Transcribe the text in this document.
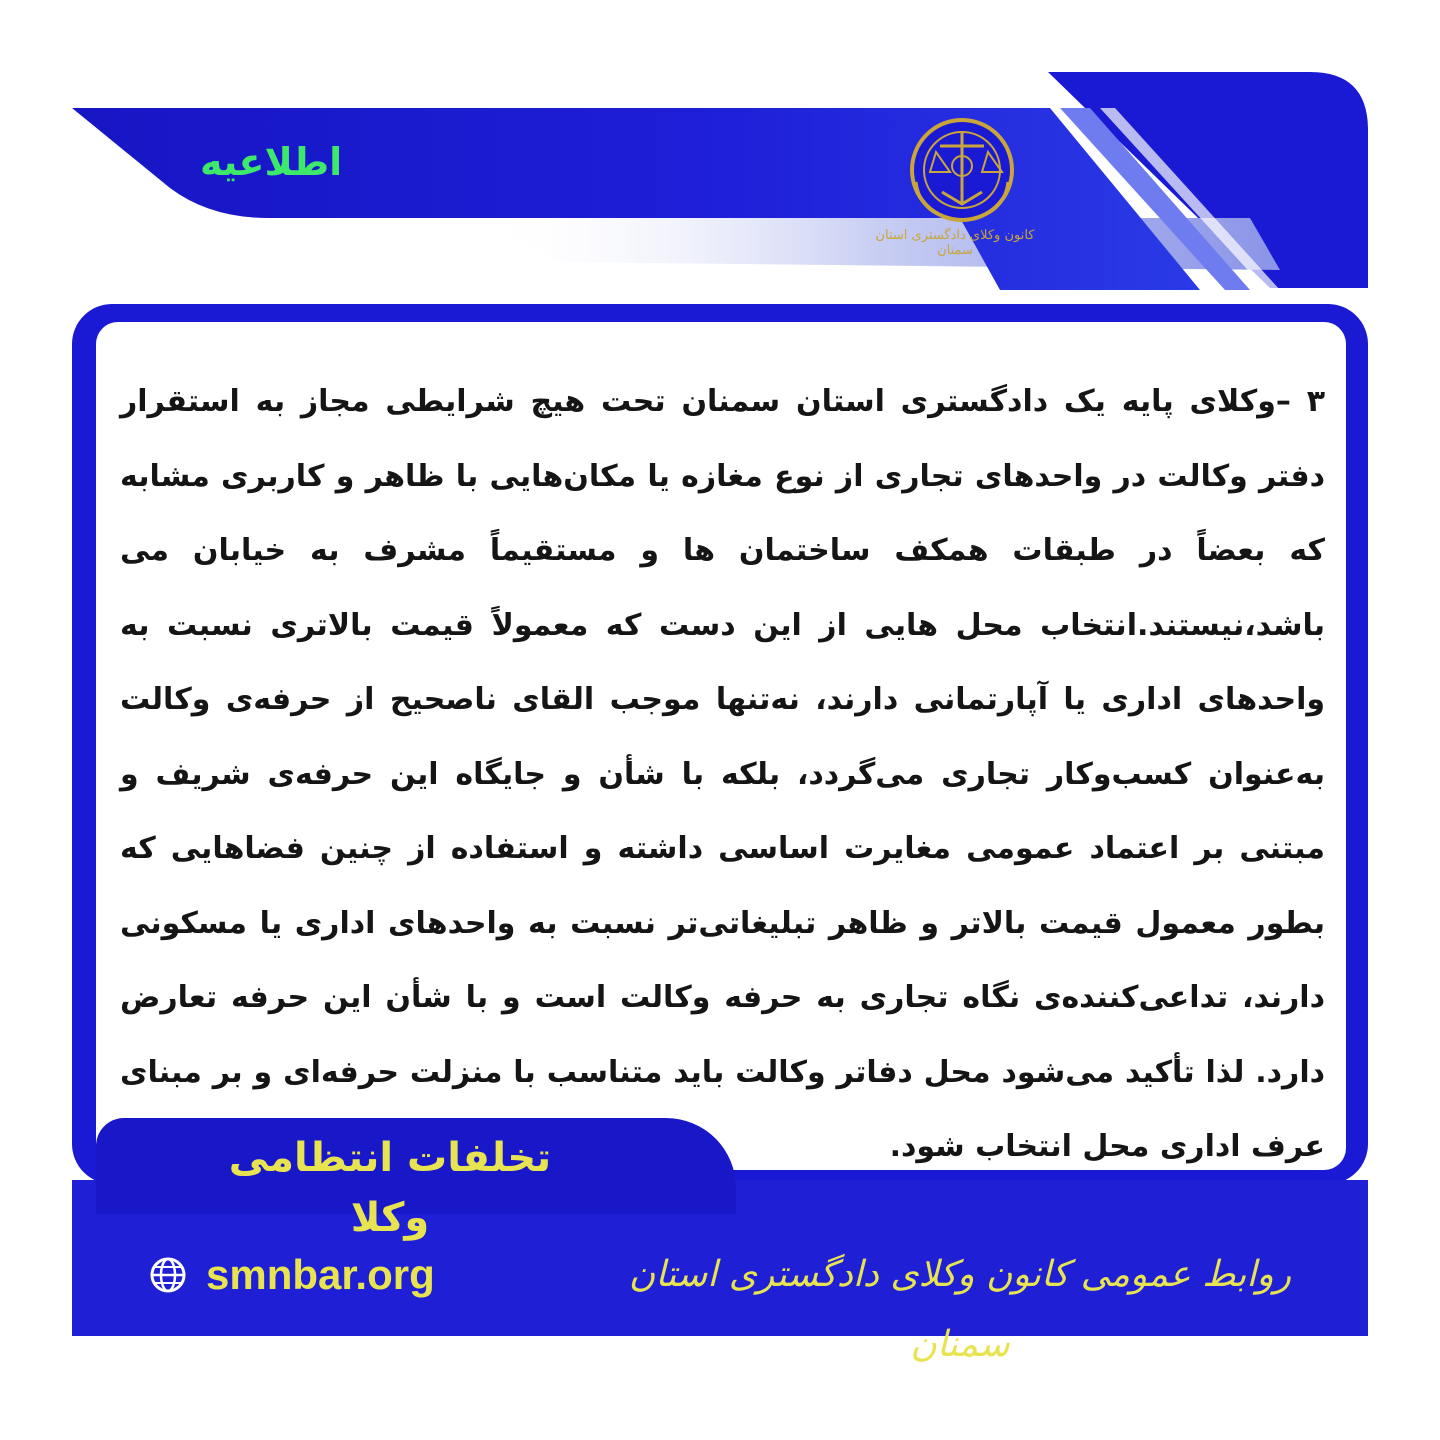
اطلاعیه
کانون وکلای دادگستری استان سمنان
۳ –وکلای پایه یک دادگستری استان سمنان تحت هیچ شرایطی مجاز به استقرار دفتر وکالت در واحدهای تجاری از نوع مغازه یا مکان‌هایی با ظاهر و کاربری مشابه که بعضاً در طبقات همکف ساختمان ها و مستقیماً مشرف به خیابان می باشد،نیستند.انتخاب محل هایی از این دست که معمولاً قیمت بالاتری نسبت به واحدهای اداری یا آپارتمانی دارند، نه‌تنها موجب القای ناصحیح از حرفه‌ی وکالت به‌عنوان کسب‌وکار تجاری می‌گردد، بلکه با شأن و جایگاه این حرفه‌ی شریف و مبتنی بر اعتماد عمومی مغایرت اساسی داشته و استفاده از چنین فضاهایی که بطور معمول قیمت بالاتر و ظاهر تبلیغاتی‌تر نسبت به واحدهای اداری یا مسکونی دارند، تداعی‌کننده‌ی نگاه تجاری به حرفه وکالت است و با شأن این حرفه تعارض دارد. لذا تأکید می‌شود محل دفاتر وکالت باید متناسب با منزلت حرفه‌ای و بر مبنای عرف اداری محل انتخاب شود.
تخلفات انتظامی وکلا
smnbar.org	روابط عمومی کانون وکلای دادگستری استان سمنان
